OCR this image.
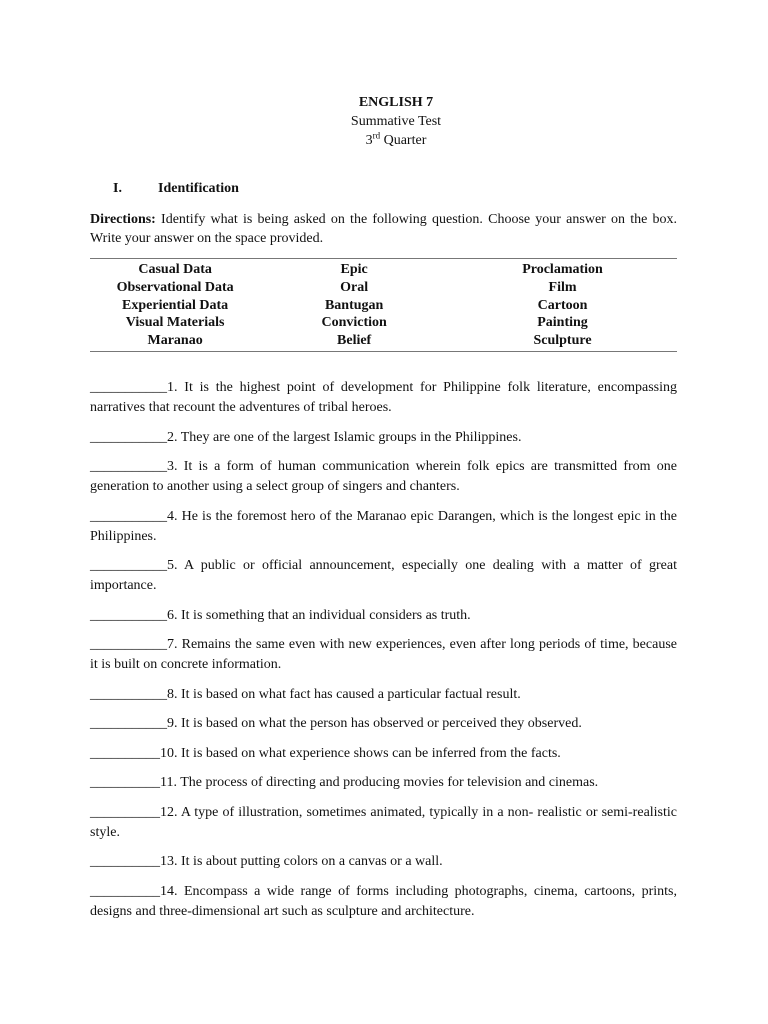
ENGLISH 7
Summative Test
3rd Quarter
I.	Identification
Directions: Identify what is being asked on the following question. Choose your answer on the box. Write your answer on the space provided.
Casual Data	Epic	Proclamation
Observational Data	Oral	Film
Experiential Data	Bantugan	Cartoon
Visual Materials	Conviction	Painting
Maranao	Belief	Sculpture
___________1. It is the highest point of development for Philippine folk literature, encompassing narratives that recount the adventures of tribal heroes.
___________2. They are one of the largest Islamic groups in the Philippines.
___________3. It is a form of human communication wherein folk epics are transmitted from one generation to another using a select group of singers and chanters.
___________4. He is the foremost hero of the Maranao epic Darangen, which is the longest epic in the Philippines.
___________5. A public or official announcement, especially one dealing with a matter of great importance.
___________6. It is something that an individual considers as truth.
___________7. Remains the same even with new experiences, even after long periods of time, because it is built on concrete information.
___________8. It is based on what fact has caused a particular factual result.
___________9. It is based on what the person has observed or perceived they observed.
__________10. It is based on what experience shows can be inferred from the facts.
__________11. The process of directing and producing movies for television and cinemas.
__________12. A type of illustration, sometimes animated, typically in a non- realistic or semi-realistic style.
__________13. It is about putting colors on a canvas or a wall.
__________14. Encompass a wide range of forms including photographs, cinema, cartoons, prints, designs and three-dimensional art such as sculpture and architecture.
